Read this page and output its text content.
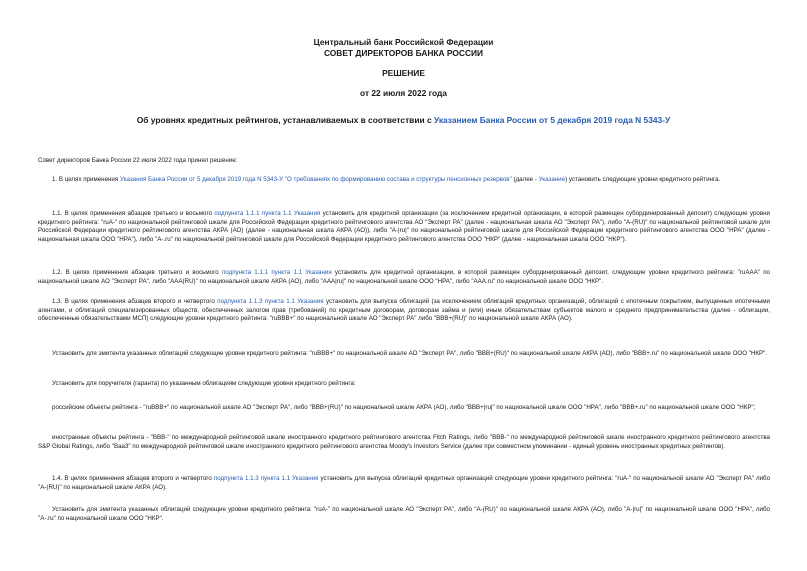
Центральный банк Российской Федерации
СОВЕТ ДИРЕКТОРОВ БАНКА РОССИИ
РЕШЕНИЕ
от 22 июля 2022 года
Об уровнях кредитных рейтингов, устанавливаемых в соответствии с Указанием Банка России от 5 декабря 2019 года N 5343-У
Совет директоров Банка России 22 июля 2022 года принял решение:
1. В целях применения Указания Банка России от 5 декабря 2019 года N 5343-У "О требованиях по формированию состава и структуры пенсионных резервов" (далее - Указание) установить следующие уровни кредитного рейтинга.
1.1. В целях применения абзацев третьего и восьмого подпункта 1.1.1 пункта 1.1 Указания установить для кредитной организации (за исключением кредитной организации, в которой размещен субординированный депозит) следующие уровни кредитного рейтинга: "ruA-" по национальной рейтинговой шкале для Российской Федерации кредитного рейтингового агентства АО "Эксперт РА" (далее - национальная шкала АО "Эксперт РА"), либо "A-(RU)" по национальной рейтинговой шкале для Российской Федерации кредитного рейтингового агентства АКРА (АО) (далее - национальная шкала АКРА (АО)), либо "A-|ru|" по национальной рейтинговой шкале для Российской Федерации кредитного рейтингового агентства ООО "НРА" (далее - национальная шкала ООО "НРА"), либо "A-.ru" по национальной рейтинговой шкале для Российской Федерации кредитного рейтингового агентства ООО "НКР" (далее - национальная шкала ООО "НКР").
1.2. В целях применения абзацев третьего и восьмого подпункта 1.1.1 пункта 1.1 Указания установить для кредитной организации, в которой размещен субординированный депозит, следующие уровни кредитного рейтинга: "ruAAA" по национальной шкале АО "Эксперт РА", либо "AAA(RU)" по национальной шкале АКРА (АО), либо "AAA|ru|" по национальной шкале ООО "НРА", либо "AAA.ru" по национальной шкале ООО "НКР".
1.3. В целях применения абзацев второго и четвертого подпункта 1.1.3 пункта 1.1 Указания установить для выпуска облигаций (за исключением облигаций кредитных организаций, облигаций с ипотечным покрытием, выпущенных ипотечными агентами, и облигаций специализированных обществ, обеспеченных залогом прав (требований) по кредитным договорам, договорам займа и (или) иным обязательствам субъектов малого и среднего предпринимательства (далее - облигации, обеспеченные обязательствами МСП) следующие уровни кредитного рейтинга: "ruBBB+" по национальной шкале АО "Эксперт РА" либо "BBB+(RU)" по национальной шкале АКРА (АО).
Установить для эмитента указанных облигаций следующие уровни кредитного рейтинга: "ruBBB+" по национальной шкале АО "Эксперт РА", либо "BBB+(RU)" по национальной шкале АКРА (АО), либо "BBB+.ru" по национальной шкале ООО "НКР".
Установить для поручителя (гаранта) по указанным облигациям следующие уровни кредитного рейтинга:
российские объекты рейтинга - "ruBBB+" по национальной шкале АО "Эксперт РА", либо "BBB+(RU)" по национальной шкале АКРА (АО), либо "BBB+|ru|" по национальной шкале ООО "НРА", либо "BBB+.ru" по национальной шкале ООО "НКР";
иностранные объекты рейтинга - "BBB-" по международной рейтинговой шкале иностранного кредитного рейтингового агентства Fitch Ratings, либо "BBB-" по международной рейтинговой шкале иностранного кредитного рейтингового агентства S&P Global Ratings, либо "Baa3" по международной рейтинговой шкале иностранного кредитного рейтингового агентства Moody's Investors Service (далее при совместном упоминании - единый уровень иностранных кредитных рейтингов).
1.4. В целях применения абзацев второго и четвертого подпункта 1.1.3 пункта 1.1 Указания установить для выпуска облигаций кредитных организаций следующие уровни кредитного рейтинга: "ruA-" по национальной шкале АО "Эксперт РА" либо "A-(RU)" по национальной шкале АКРА (АО).
Установить для эмитента указанных облигаций следующие уровни кредитного рейтинга: "ruA-" по национальной шкале АО "Эксперт РА", либо "A-(RU)" по национальной шкале АКРА (АО), либо "A-|ru|" по национальной шкале ООО "НРА", либо "A-.ru" по национальной шкале ООО "НКР".
